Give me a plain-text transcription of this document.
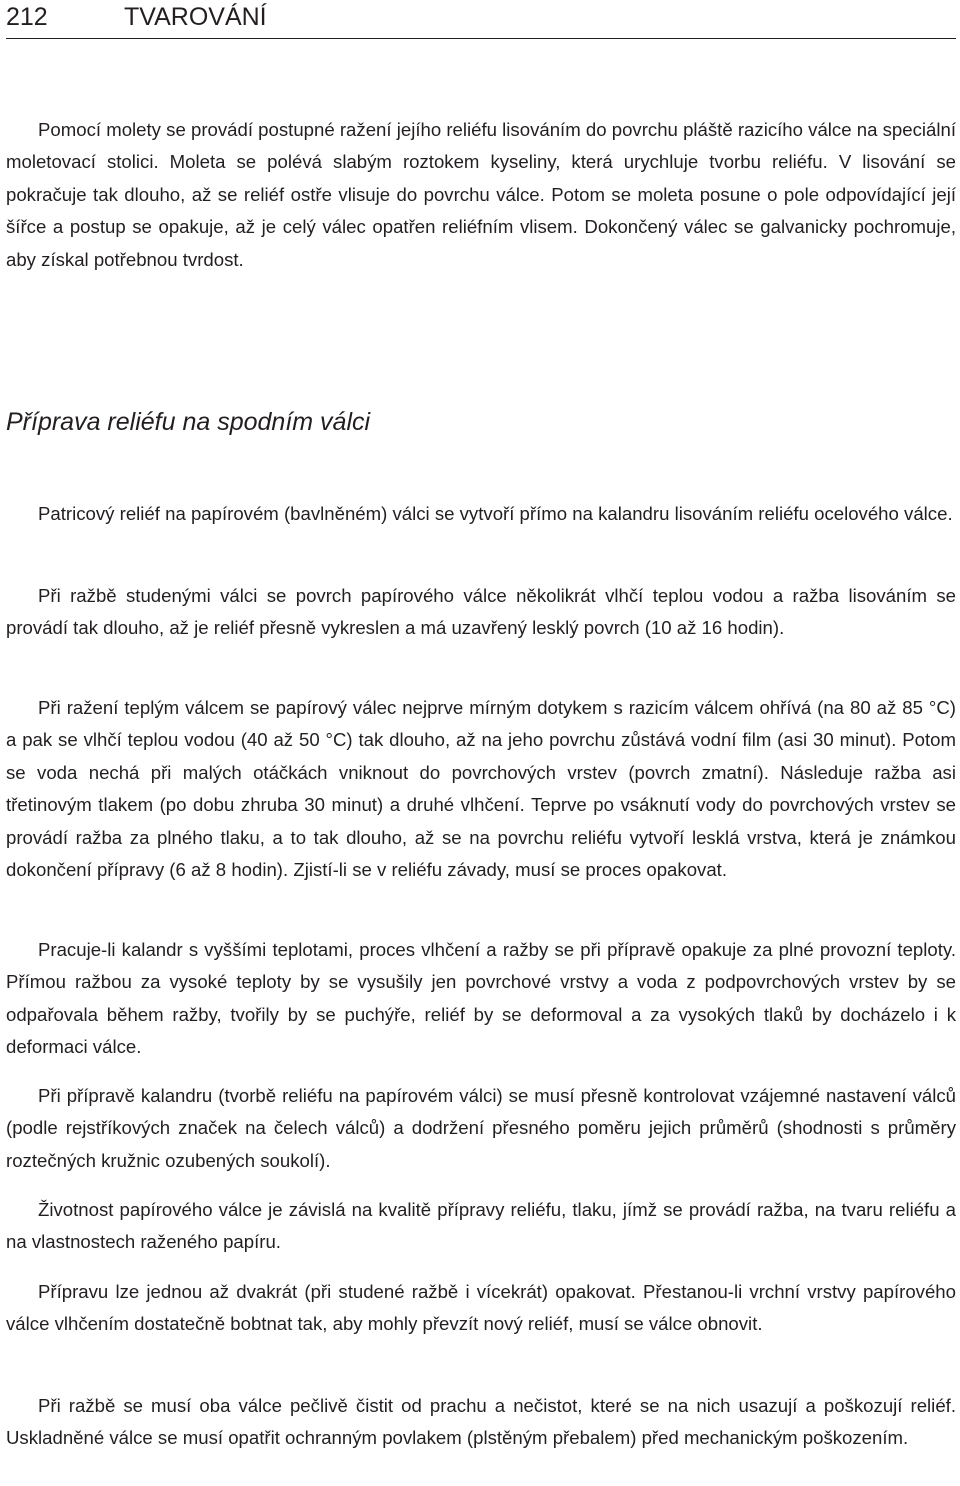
212	TVAROVÁNÍ

Pomocí molety se provádí postupné ražení jejího reliéfu lisováním do povrchu pláště razicího válce na speciální moletovací stolici. Moleta se polévá slabým roztokem kyseliny, která urychluje tvorbu reliéfu. V lisování se pokračuje tak dlouho, až se reliéf ostře vlisuje do povrchu válce. Potom se moleta posune o pole odpovídající její šířce a postup se opakuje, až je celý válec opatřen reliéfním vlisem. Dokončený válec se galvanicky pochromuje, aby získal potřebnou tvrdost.

Příprava reliéfu na spodním válci

Patricový reliéf na papírovém (bavlněném) válci se vytvoří přímo na kalandru lisováním reliéfu ocelového válce.

Při ražbě studenými válci se povrch papírového válce několikrát vlhčí teplou vodou a ražba lisováním se provádí tak dlouho, až je reliéf přesně vykreslen a má uzavřený lesklý povrch (10 až 16 hodin).

Při ražení teplým válcem se papírový válec nejprve mírným dotykem s razicím válcem ohřívá (na 80 až 85 °C) a pak se vlhčí teplou vodou (40 až 50 °C) tak dlouho, až na jeho povrchu zůstává vodní film (asi 30 minut). Potom se voda nechá při malých otáčkách vniknout do povrchových vrstev (povrch zmatní). Následuje ražba asi třetinovým tlakem (po dobu zhruba 30 minut) a druhé vlhčení. Teprve po vsáknutí vody do povrchových vrstev se provádí ražba za plného tlaku, a to tak dlouho, až se na povrchu reliéfu vytvoří lesklá vrstva, která je známkou dokončení přípravy (6 až 8 hodin). Zjistí-li se v reliéfu závady, musí se proces opakovat.

Pracuje-li kalandr s vyššími teplotami, proces vlhčení a ražby se při přípravě opakuje za plné provozní teploty. Přímou ražbou za vysoké teploty by se vysušily jen povrchové vrstvy a voda z podpovrchových vrstev by se odpařovala během ražby, tvořily by se puchýře, reliéf by se deformoval a za vysokých tlaků by docházelo i k deformaci válce.

Při přípravě kalandru (tvorbě reliéfu na papírovém válci) se musí přesně kontrolovat vzájemné nastavení válců (podle rejstříkových značek na čelech válců) a dodržení přesného poměru jejich průměrů (shodnosti s průměry roztečných kružnic ozubených soukolí).

Životnost papírového válce je závislá na kvalitě přípravy reliéfu, tlaku, jímž se provádí ražba, na tvaru reliéfu a na vlastnostech raženého papíru.

Přípravu lze jednou až dvakrát (při studené ražbě i vícekrát) opakovat. Přestanou-li vrchní vrstvy papírového válce vlhčením dostatečně bobtnat tak, aby mohly převzít nový reliéf, musí se válce obnovit.

Při ražbě se musí oba válce pečlivě čistit od prachu a nečistot, které se na nich usazují a poškozují reliéf. Uskladněné válce se musí opatřit ochranným povlakem (plstěným přebalem) před mechanickým poškozením.
